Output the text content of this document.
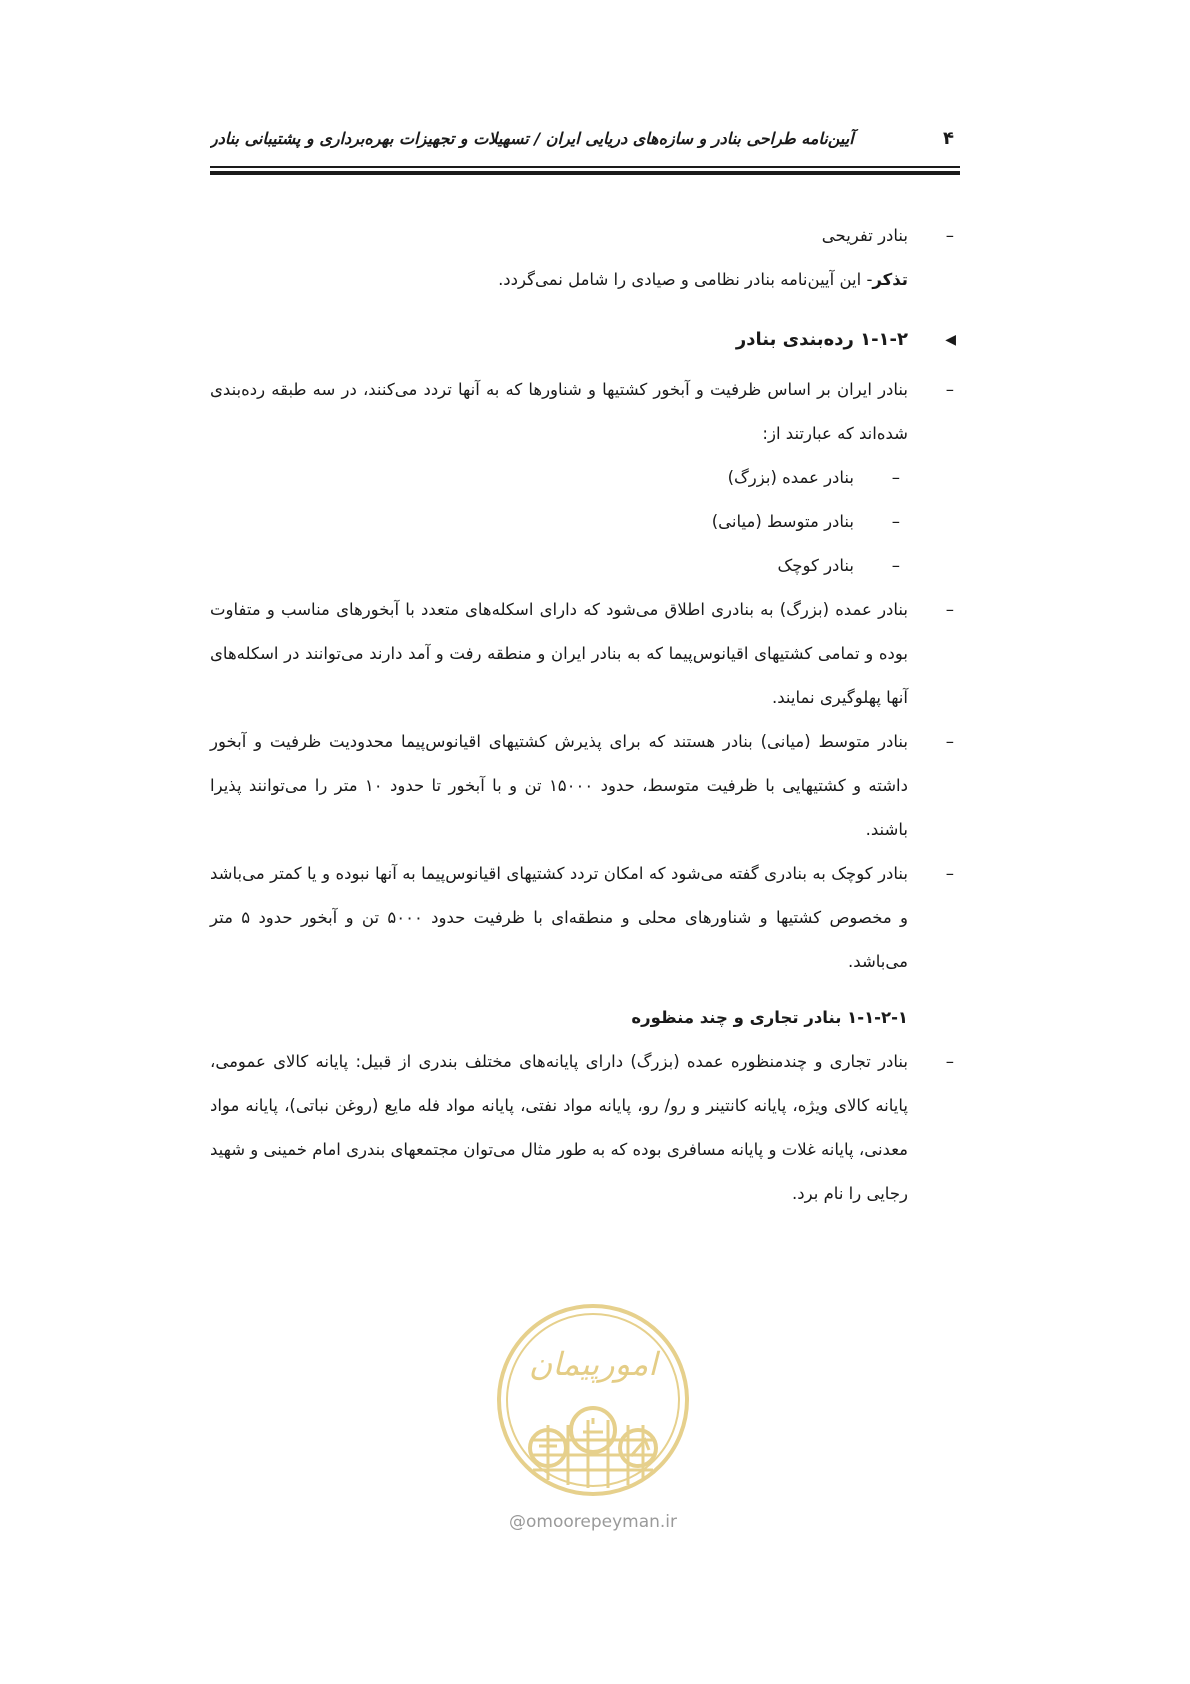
۴
آیین‌نامه طراحی بنادر و سازه‌های دریایی ایران / تسهیلات و تجهیزات بهره‌برداری و پشتیبانی بنادر
– بنادر تفریحی
تذکر- این آیین‌نامه بنادر نظامی و صیادی را شامل نمی‌گردد.
◀
۱-۱-۲ رده‌بندی بنادر
– بنادر ایران بر اساس ظرفیت و آبخور کشتیها و شناورها که به آنها تردد می‌کنند، در سه طبقه رده‌بندی شده‌اند که عبارتند از:
– بنادر عمده (بزرگ)
– بنادر متوسط (میانی)
– بنادر کوچک
– بنادر عمده (بزرگ) به بنادری اطلاق می‌شود که دارای اسکله‌های متعدد با آبخورهای مناسب و متفاوت بوده و تمامی کشتیهای اقیانوس‌پیما که به بنادر ایران و منطقه رفت و آمد دارند می‌توانند در اسکله‌های آنها پهلوگیری نمایند.
– بنادر متوسط (میانی) بنادر هستند که برای پذیرش کشتیهای اقیانوس‌پیما محدودیت ظرفیت و آبخور داشته و کشتیهایی با ظرفیت متوسط، حدود ۱۵۰۰۰ تن و با آبخور تا حدود ۱۰ متر را می‌توانند پذیرا باشند.
– بنادر کوچک به بنادری گفته می‌شود که امکان تردد کشتیهای اقیانوس‌پیما به آنها نبوده و یا کمتر می‌باشد و مخصوص کشتیها و شناورهای محلی و منطقه‌ای با ظرفیت حدود ۵۰۰۰ تن و آبخور حدود ۵ متر می‌باشد.
۱-۱-۲-۱ بنادر تجاری و چند منظوره
– بنادر تجاری و چندمنظوره عمده (بزرگ) دارای پایانه‌های مختلف بندری از قبیل: پایانه کالای عمومی، پایانه کالای ویژه، پایانه کانتینر و رو/ رو، پایانه مواد نفتی، پایانه مواد فله مایع (روغن نباتی)، پایانه مواد معدنی، پایانه غلات و پایانه مسافری بوده که به طور مثال می‌توان مجتمعهای بندری امام خمینی و شهید رجایی را نام برد.
امورپیمان
@omoorepeyman.ir
